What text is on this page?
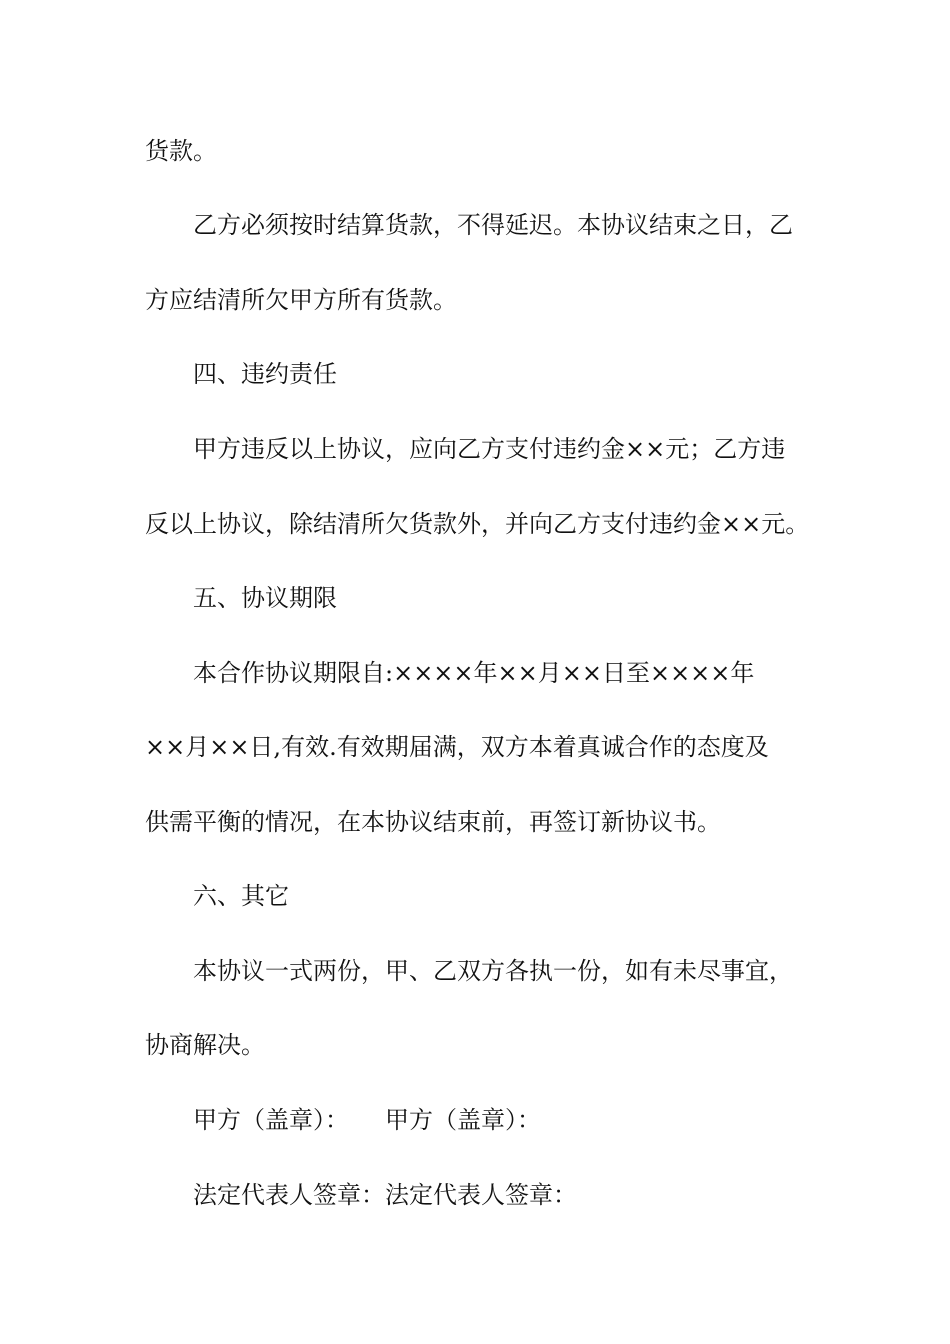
货款。
乙方必须按时结算货款，不得延迟。本协议结束之日，乙
方应结清所欠甲方所有货款。
四、违约责任
甲方违反以上协议，应向乙方支付违约金××元；乙方违
反以上协议，除结清所欠货款外，并向乙方支付违约金××元。
五、协议期限
本合作协议期限自:××××年××月××日至××××年
××月××日,有效.有效期届满，双方本着真诚合作的态度及
供需平衡的情况，在本协议结束前，再签订新协议书。
六、其它
本协议一式两份，甲、乙双方各执一份，如有未尽事宜，
协商解决。
甲方（盖章）：　　甲方（盖章）：
法定代表人签章：法定代表人签章：
